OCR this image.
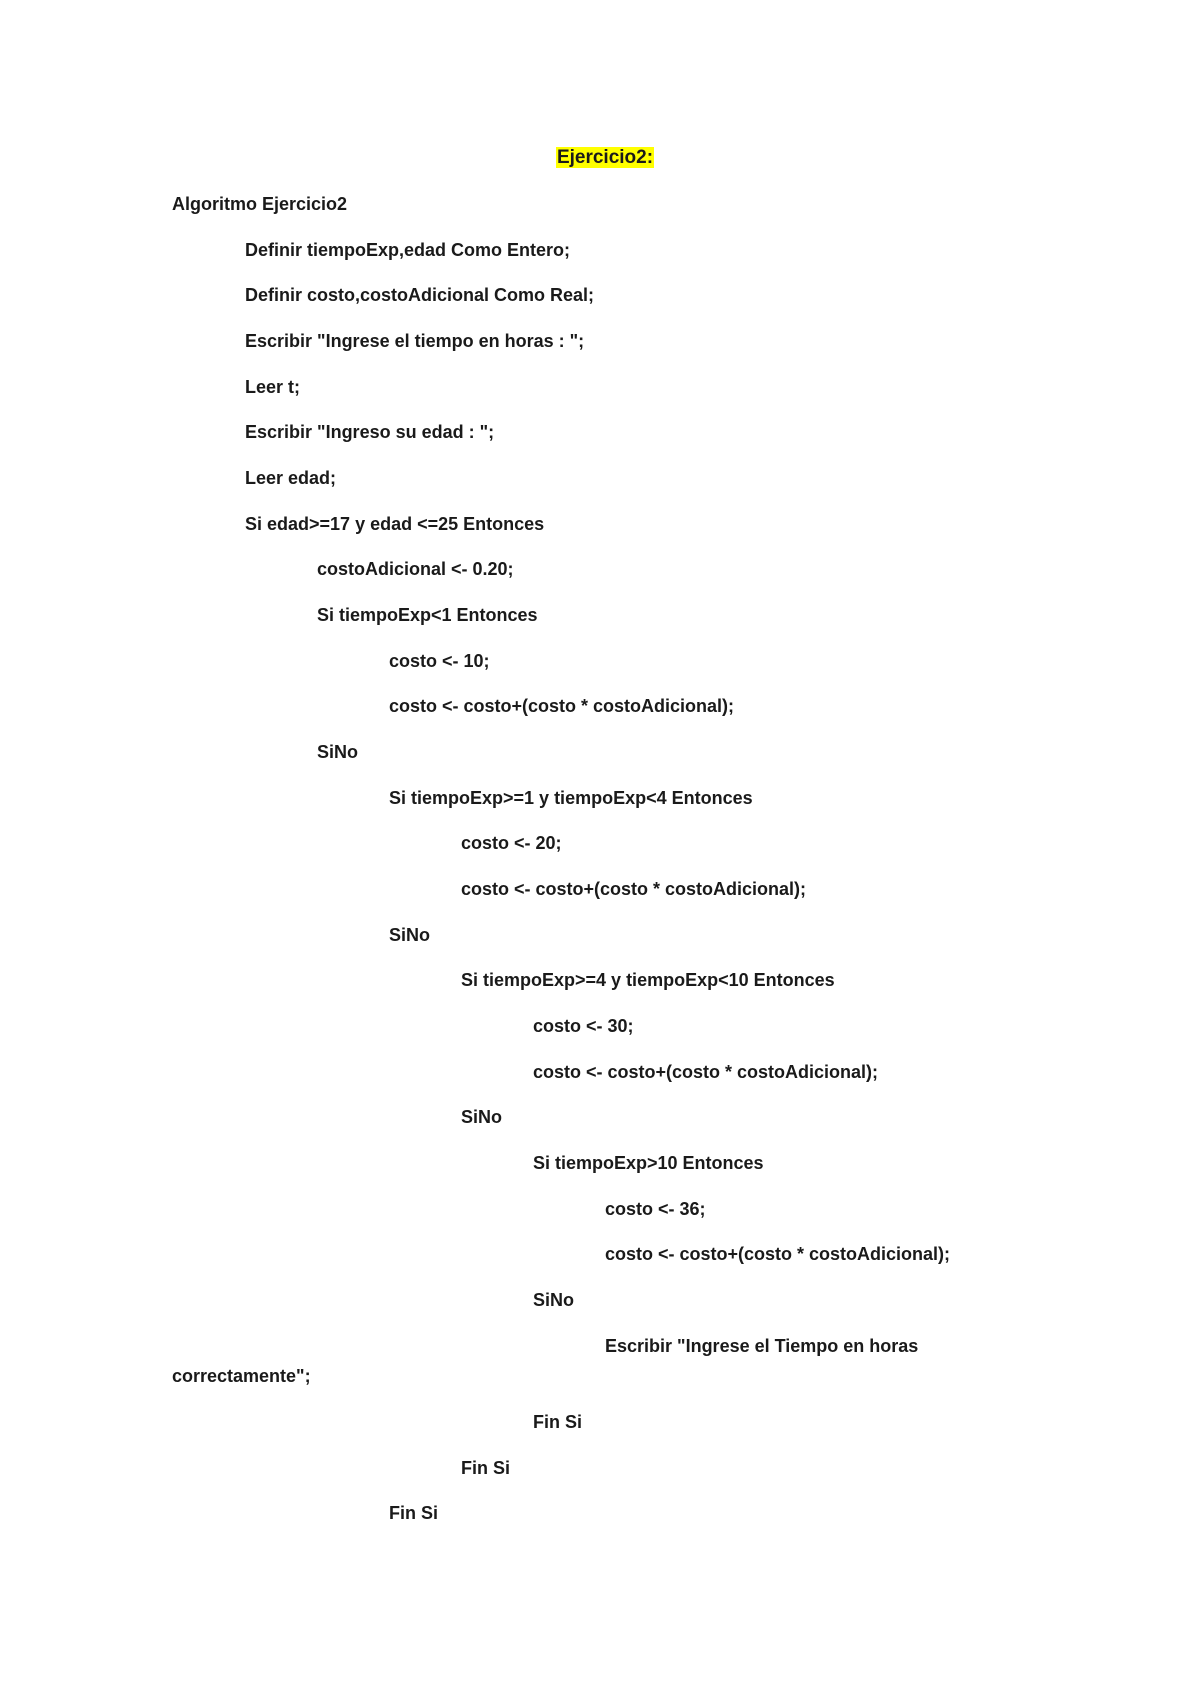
Ejercicio2:
Algoritmo Ejercicio2
Definir tiempoExp,edad Como Entero;
Definir costo,costoAdicional Como Real;
Escribir "Ingrese el tiempo en horas : ";
Leer t;
Escribir "Ingreso su edad : ";
Leer edad;
Si edad>=17 y edad <=25 Entonces
costoAdicional <- 0.20;
Si tiempoExp<1 Entonces
costo <- 10;
costo <- costo+(costo * costoAdicional);
SiNo
Si tiempoExp>=1 y tiempoExp<4 Entonces
costo <- 20;
costo <- costo+(costo * costoAdicional);
SiNo
Si tiempoExp>=4 y tiempoExp<10 Entonces
costo <- 30;
costo <- costo+(costo * costoAdicional);
SiNo
Si tiempoExp>10 Entonces
costo <- 36;
costo <- costo+(costo * costoAdicional);
SiNo
Escribir "Ingrese el Tiempo en horas
correctamente";
Fin Si
Fin Si
Fin Si
